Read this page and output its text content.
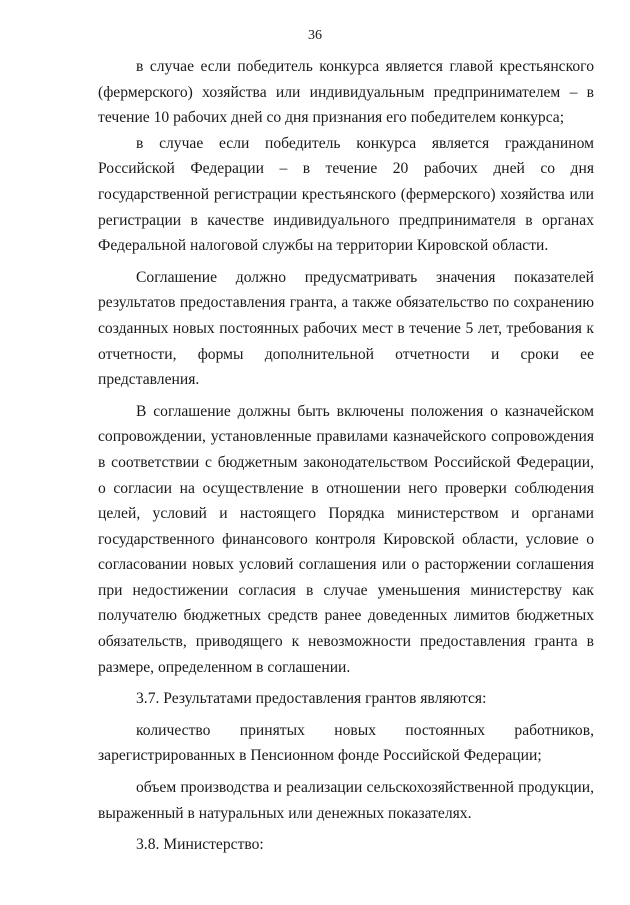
36

в случае если победитель конкурса является главой крестьянского (фермерского) хозяйства или индивидуальным предпринимателем – в течение 10 рабочих дней со дня признания его победителем конкурса;

в случае если победитель конкурса является гражданином Российской Федерации – в течение 20 рабочих дней со дня государственной регистрации крестьянского (фермерского) хозяйства или регистрации в качестве индивидуального предпринимателя в органах Федеральной налоговой службы на территории Кировской области.

Соглашение должно предусматривать значения показателей результатов предоставления гранта, а также обязательство по сохранению созданных новых постоянных рабочих мест в течение 5 лет, требования к отчетности, формы дополнительной отчетности и сроки ее представления.

В соглашение должны быть включены положения о казначейском сопровождении, установленные правилами казначейского сопровождения в соответствии с бюджетным законодательством Российской Федерации, о согласии на осуществление в отношении него проверки соблюдения целей, условий и настоящего Порядка министерством и органами государственного финансового контроля Кировской области, условие о согласовании новых условий соглашения или о расторжении соглашения при недостижении согласия в случае уменьшения министерству как получателю бюджетных средств ранее доведенных лимитов бюджетных обязательств, приводящего к невозможности предоставления гранта в размере, определенном в соглашении.

3.7. Результатами предоставления грантов являются:

количество принятых новых постоянных работников, зарегистрированных в Пенсионном фонде Российской Федерации;

объем производства и реализации сельскохозяйственной продукции, выраженный в натуральных или денежных показателях.

3.8. Министерство:
